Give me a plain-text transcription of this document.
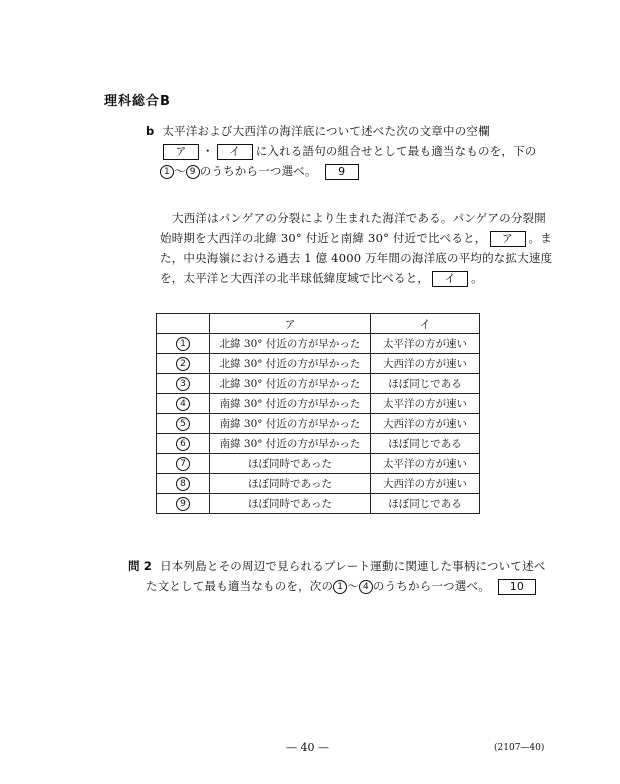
理科総合B
b 太平洋および大西洋の海洋底について述べた次の文章中の空欄
ア ・ イ に入れる語句の組合せとして最も適当なものを，下の
1 〜 9 のうちから一つ選べ。 9
大西洋はパンゲアの分裂により生まれた海洋である。パンゲアの分裂開
始時期を大西洋の北緯 30° 付近と南緯 30° 付近で比べると， ア 。ま
た，中央海嶺における過去 1 億 4000 万年間の海洋底の平均的な拡大速度
を，太平洋と大西洋の北半球低緯度域で比べると， イ 。
	ア	イ
1	北緯 30° 付近の方が早かった	太平洋の方が速い
2	北緯 30° 付近の方が早かった	大西洋の方が速い
3	北緯 30° 付近の方が早かった	ほぼ同じである
4	南緯 30° 付近の方が早かった	太平洋の方が速い
5	南緯 30° 付近の方が早かった	大西洋の方が速い
6	南緯 30° 付近の方が早かった	ほぼ同じである
7	ほぼ同時であった	太平洋の方が速い
8	ほぼ同時であった	大西洋の方が速い
9	ほぼ同時であった	ほぼ同じである
問 2 日本列島とその周辺で見られるプレート運動に関連した事柄について述べ
た文として最も適当なものを，次の 1 〜 4 のうちから一つ選べ。 10
— 40 —	(2107—40)
